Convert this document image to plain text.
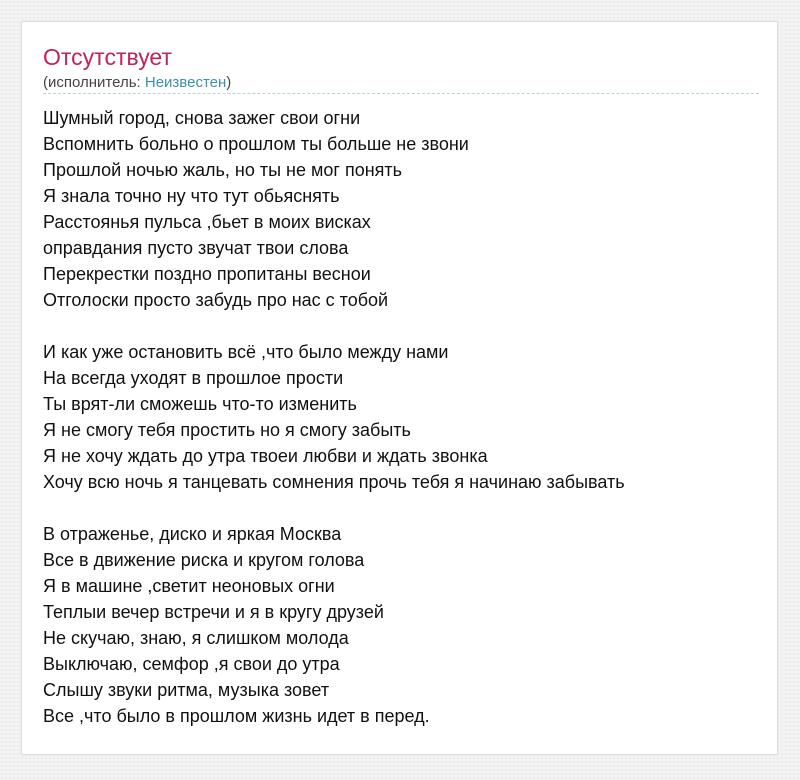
Отсутствует
(исполнитель: Неизвестен)
Шумный город, снова зажег свои огни
Вспомнить больно о прошлом ты больше не звони
Прошлой ночью жаль, но ты не мог понять
Я знала точно ну что тут обьяснять
Расстоянья пульса ,бьет в моих висках
оправдания пусто звучат твои слова
Перекрестки поздно пропитаны веснои
Отголоски просто забудь про нас с тобой
И как уже остановить всё ,что было между нами
На всегда уходят в прошлое прости
Ты врят-ли сможешь что-то изменить
Я не смогу тебя простить но я смогу забыть
Я не хочу ждать до утра твоеи любви и ждать звонка
Хочу всю ночь я танцевать сомнения прочь тебя я начинаю забывать
В отраженье, диско и яркая Москва
Все в движение риска и кругом голова
Я в машине ,светит неоновых огни
Теплыи вечер встречи и я в кругу друзей
Не скучаю, знаю, я слишком молода
Выключаю, семфор ,я свои до утра
Слышу звуки ритма, музыка зовет
Все ,что было в прошлом жизнь идет в перед.
